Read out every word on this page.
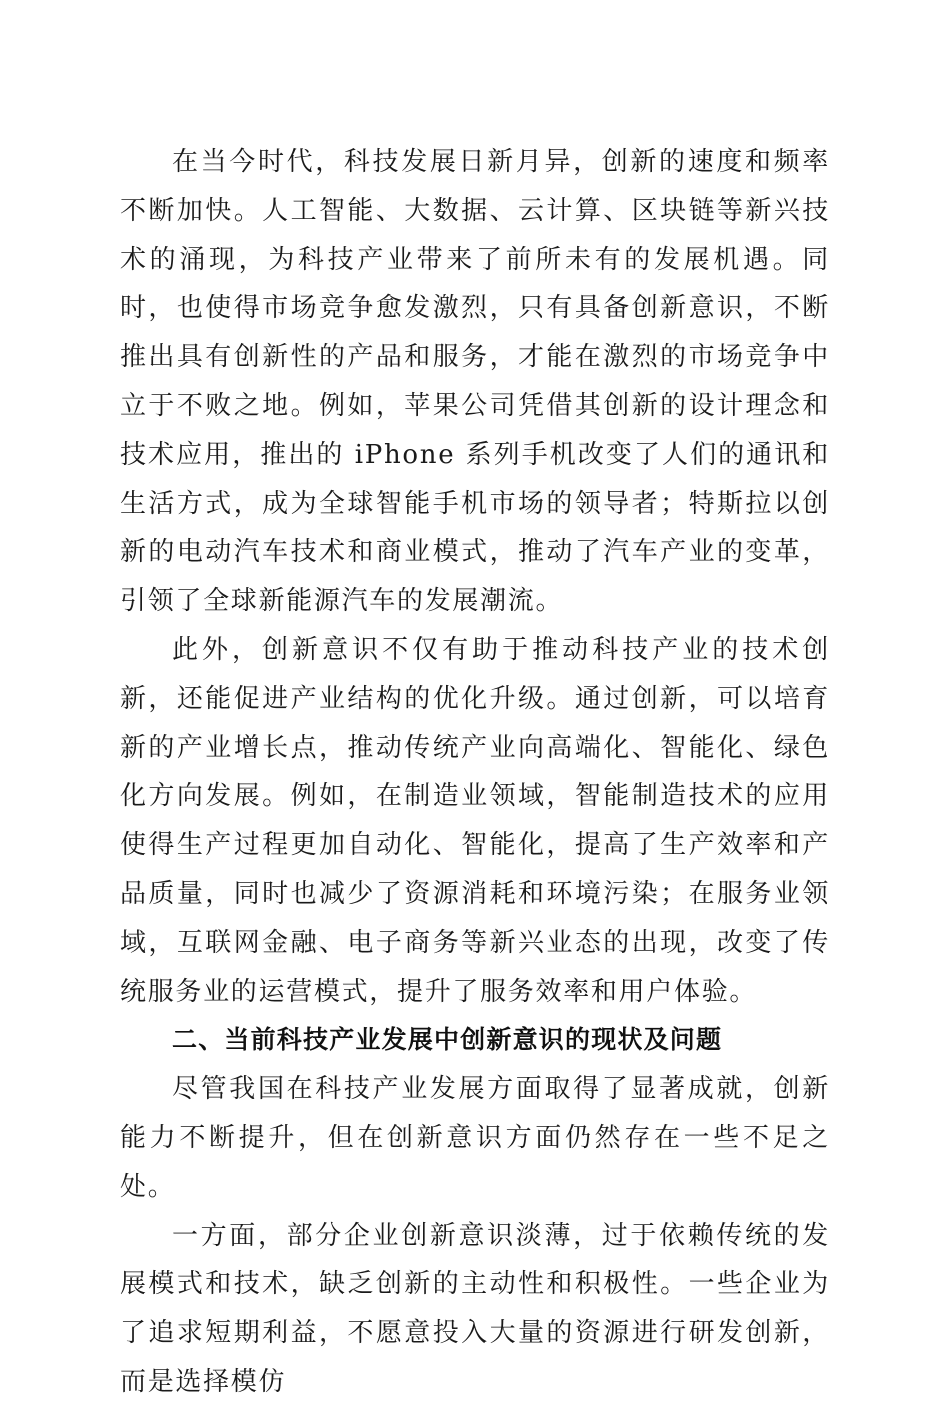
在当今时代，科技发展日新月异，创新的速度和频率不断加快。人工智能、大数据、云计算、区块链等新兴技术的涌现，为科技产业带来了前所未有的发展机遇。同时，也使得市场竞争愈发激烈，只有具备创新意识，不断推出具有创新性的产品和服务，才能在激烈的市场竞争中立于不败之地。例如，苹果公司凭借其创新的设计理念和技术应用，推出的 iPhone 系列手机改变了人们的通讯和生活方式，成为全球智能手机市场的领导者；特斯拉以创新的电动汽车技术和商业模式，推动了汽车产业的变革，引领了全球新能源汽车的发展潮流。

此外，创新意识不仅有助于推动科技产业的技术创新，还能促进产业结构的优化升级。通过创新，可以培育新的产业增长点，推动传统产业向高端化、智能化、绿色化方向发展。例如，在制造业领域，智能制造技术的应用使得生产过程更加自动化、智能化，提高了生产效率和产品质量，同时也减少了资源消耗和环境污染；在服务业领域，互联网金融、电子商务等新兴业态的出现，改变了传统服务业的运营模式，提升了服务效率和用户体验。

二、当前科技产业发展中创新意识的现状及问题

尽管我国在科技产业发展方面取得了显著成就，创新能力不断提升，但在创新意识方面仍然存在一些不足之处。

一方面，部分企业创新意识淡薄，过于依赖传统的发展模式和技术，缺乏创新的主动性和积极性。一些企业为了追求短期利益，不愿意投入大量的资源进行研发创新，而是选择模仿
